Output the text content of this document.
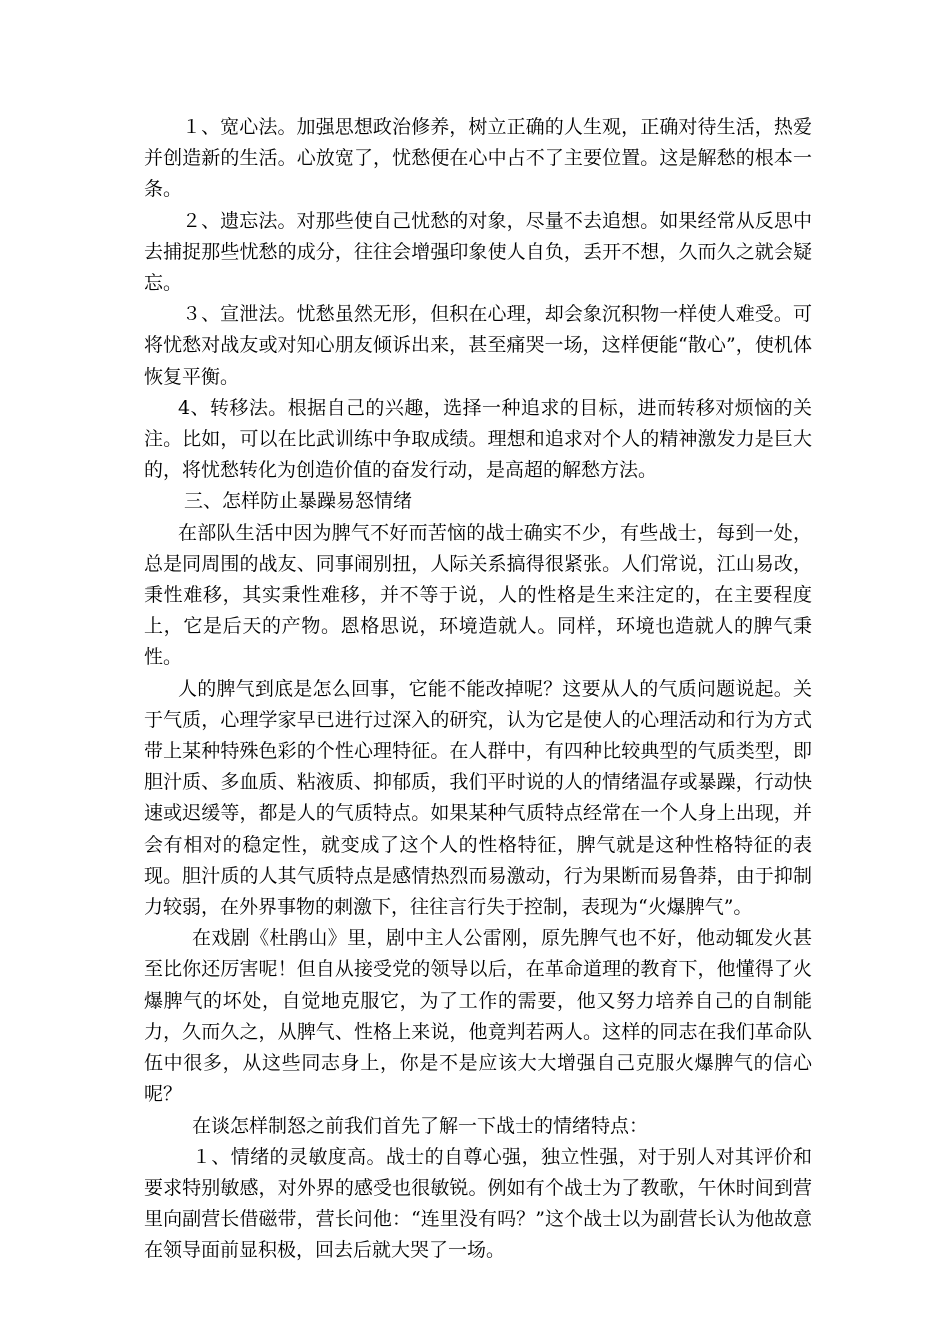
１、宽心法。加强思想政治修养，树立正确的人生观，正确对待生活，热爱并创造新的生活。心放宽了，忧愁便在心中占不了主要位置。这是解愁的根本一条。

２、遗忘法。对那些使自己忧愁的对象，尽量不去追想。如果经常从反思中去捕捉那些忧愁的成分，往往会增强印象使人自负，丢开不想，久而久之就会疑忘。

３、宣泄法。忧愁虽然无形，但积在心理，却会象沉积物一样使人难受。可将忧愁对战友或对知心朋友倾诉出来，甚至痛哭一场，这样便能“散心”，使机体恢复平衡。

4、转移法。根据自己的兴趣，选择一种追求的目标，进而转移对烦恼的关注。比如，可以在比武训练中争取成绩。理想和追求对个人的精神激发力是巨大的，将忧愁转化为创造价值的奋发行动，是高超的解愁方法。

三、怎样防止暴躁易怒情绪

在部队生活中因为脾气不好而苦恼的战士确实不少，有些战士，每到一处，总是同周围的战友、同事闹别扭，人际关系搞得很紧张。人们常说，江山易改，秉性难移，其实秉性难移，并不等于说，人的性格是生来注定的，在主要程度上，它是后天的产物。恩格思说，环境造就人。同样，环境也造就人的脾气秉性。

人的脾气到底是怎么回事，它能不能改掉呢？这要从人的气质问题说起。关于气质，心理学家早已进行过深入的研究，认为它是使人的心理活动和行为方式带上某种特殊色彩的个性心理特征。在人群中，有四种比较典型的气质类型，即胆汁质、多血质、粘液质、抑郁质，我们平时说的人的情绪温存或暴躁，行动快速或迟缓等，都是人的气质特点。如果某种气质特点经常在一个人身上出现，并会有相对的稳定性，就变成了这个人的性格特征，脾气就是这种性格特征的表现。胆汁质的人其气质特点是感情热烈而易激动，行为果断而易鲁莽，由于抑制力较弱，在外界事物的刺激下，往往言行失于控制，表现为“火爆脾气”。

在戏剧《杜鹃山》里，剧中主人公雷刚，原先脾气也不好，他动辄发火甚至比你还厉害呢！但自从接受党的领导以后，在革命道理的教育下，他懂得了火爆脾气的坏处，自觉地克服它，为了工作的需要，他又努力培养自己的自制能力，久而久之，从脾气、性格上来说，他竟判若两人。这样的同志在我们革命队伍中很多，从这些同志身上，你是不是应该大大增强自己克服火爆脾气的信心呢？

在谈怎样制怒之前我们首先了解一下战士的情绪特点：

１、情绪的灵敏度高。战士的自尊心强，独立性强，对于别人对其评价和要求特别敏感，对外界的感受也很敏锐。例如有个战士为了教歌，午休时间到营里向副营长借磁带，营长问他：“连里没有吗？”这个战士以为副营长认为他故意在领导面前显积极，回去后就大哭了一场。
